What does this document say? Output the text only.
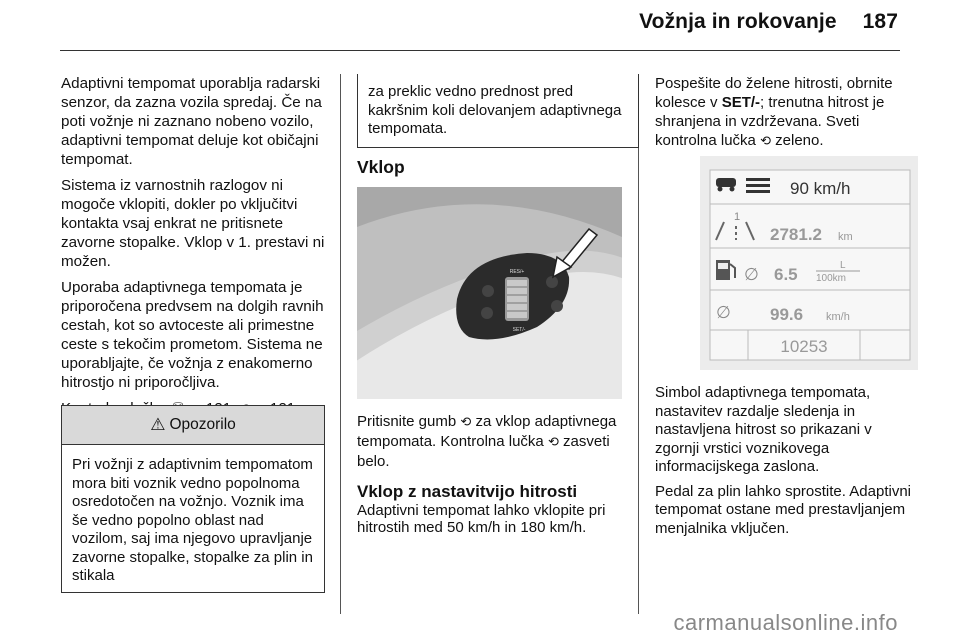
Vožnja in rokovanje 187

Adaptivni tempomat uporablja radarski senzor, da zazna vozila spredaj. Če na poti vožnje ni zaznano nobeno vozilo, adaptivni tempomat deluje kot običajni tempomat.

Sistema iz varnostnih razlogov ni mogoče vklopiti, dokler po vključitvi kontakta vsaj enkrat ne pritisnete zavorne stopalke. Vklop v 1. prestavi ni možen.

Uporaba adaptivnega tempomata je priporočena predvsem na dolgih ravnih cestah, kot so avtoceste ali primestne ceste s tekočim prometom. Sistema ne uporabljajte, če vožnja z enakomerno hitrostjo ni priporočljiva.

⚠ Opozorilo
Pri vožnji z adaptivnim tempomatom mora biti voznik vedno popolnoma osredotočen na vožnjo. Voznik ima še vedno popolno oblast nad vozilom, saj ima njegovo upravljanje zavorne stopalke, stopalke za plin in stikala
za preklic vedno prednost pred kakršnim koli delovanjem adaptivnega tempomata.
Vklop
RES/+
SET/-
Pritisnite gumb ⟲ za vklop adaptivnega tempomata. Kontrolna lučka ⟲ zasveti belo.
Vklop z nastavitvijo hitrosti
Adaptivni tempomat lahko vklopite pri hitrostih med 50 km/h in 180 km/h.
Pospešite do želene hitrosti, obrnite kolesce v SET/-; trenutna hitrost je shranjena in vzdrževana. Sveti kontrolna lučka ⟲ zeleno.
90 km/h
1
2781.2 km
∅ 6.5	L
100km
∅ 99.6 km/h
10253

Simbol adaptivnega tempomata, nastavitev razdalje sledenja in nastavljena hitrost so prikazani v zgornji vrstici voznikovega informacijskega zaslona.

Pedal za plin lahko sprostite. Adaptivni tempomat ostane med prestavljanjem menjalnika vključen.

carmanualsonline.info
